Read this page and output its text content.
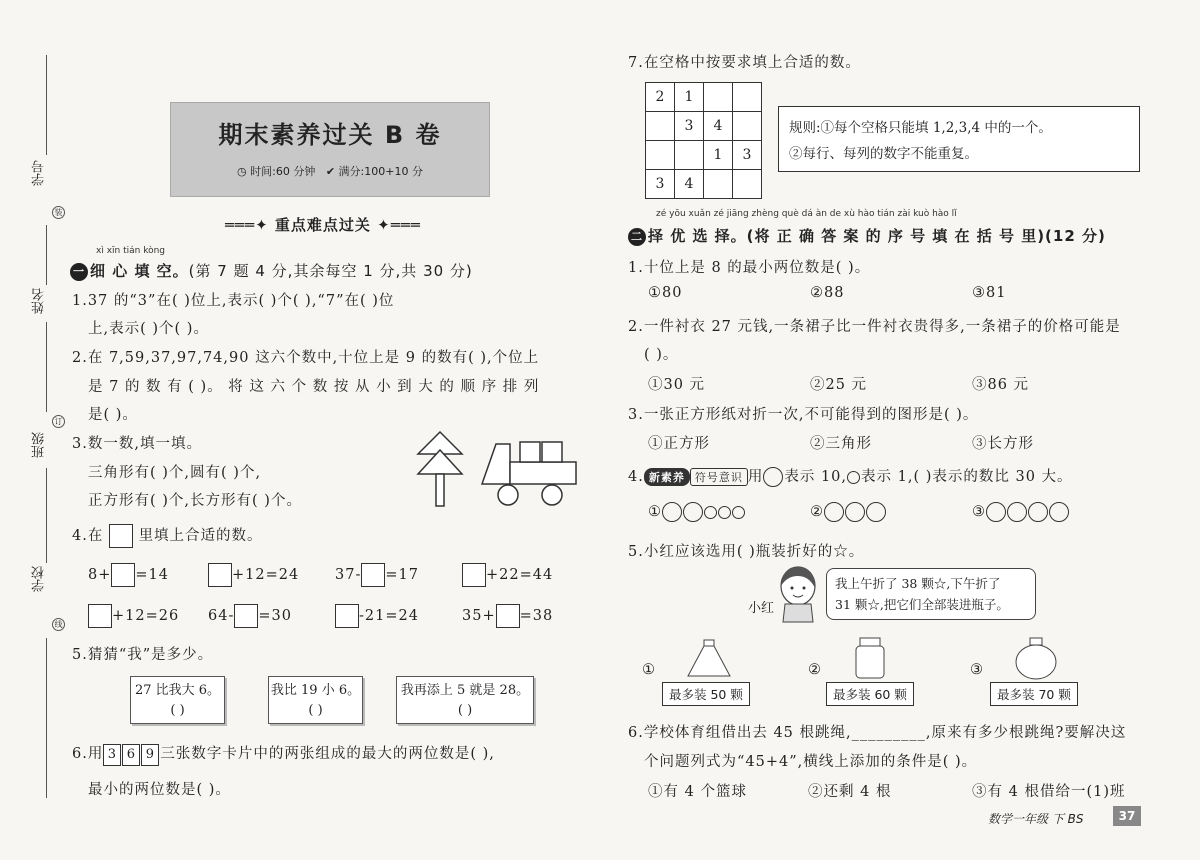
学号
装
姓名
订
班级
学校
线
期末素养过关 B 卷
◷ 时间:60 分钟 ✔ 满分:100+10 分
═══✦ 重点难点过关 ✦═══
xì xīn tián kòng
一 细 心 填 空。(第 7 题 4 分,其余每空 1 分,共 30 分)
1.37 的“3”在( )位上,表示( )个( ),“7”在( )位
上,表示( )个( )。
2.在 7,59,37,97,74,90 这六个数中,十位上是 9 的数有( ),个位上
是 7 的 数 有 ( )。 将 这 六 个 数 按 从 小 到 大 的 顺 序 排 列
是( )。
3.数一数,填一填。
三角形有( )个,圆有( )个,
正方形有( )个,长方形有( )个。
4.在 里填上合适的数。
8+ =14	+12=24 37- =17	+22=44
+12=26 64- =30	-21=24	35+ =38
5.猜猜“我”是多少。
27 比我大 6。
( )
我比 19 小 6。
( )
我再添上 5 就是 28。
( )
6.用 3 6 9 三张数字卡片中的两张组成的最大的两位数是( ),
最小的两位数是( )。
7.在空格中按要求填上合适的数。
2	1		
	3	4	
		1	3
3	4		
规则:①每个空格只能填 1,2,3,4 中的一个。
②每行、每列的数字不能重复。
zé yōu xuǎn zé jiāng zhèng què dá àn de xù hào tián zài kuò hào lǐ
二 择 优 选 择。(将 正 确 答 案 的 序 号 填 在 括 号 里)(12 分)
1.十位上是 8 的最小两位数是( )。
①80	②88	③81
2.一件衬衣 27 元钱,一条裙子比一件衬衣贵得多,一条裙子的价格可能是
( )。
①30 元	②25 元	③86 元
3.一张正方形纸对折一次,不可能得到的图形是( )。
①正方形	②三角形	③长方形
4. 新素养 符号意识 用 表示 10, 表示 1,( )表示的数比 30 大。
①	②	③
5.小红应该选用( )瓶装折好的☆。
小红
我上午折了 38 颗☆,下午折了
31 颗☆,把它们全部装进瓶子。
①
最多装 50 颗
②
最多装 60 颗
③
最多装 70 颗
6.学校体育组借出去 45 根跳绳,_________,原来有多少根跳绳?要解决这
个问题列式为“45+4”,横线上添加的条件是( )。
①有 4 个篮球	②还剩 4 根	③有 4 根借给一(1)班
数学一年级 下 BS	37
